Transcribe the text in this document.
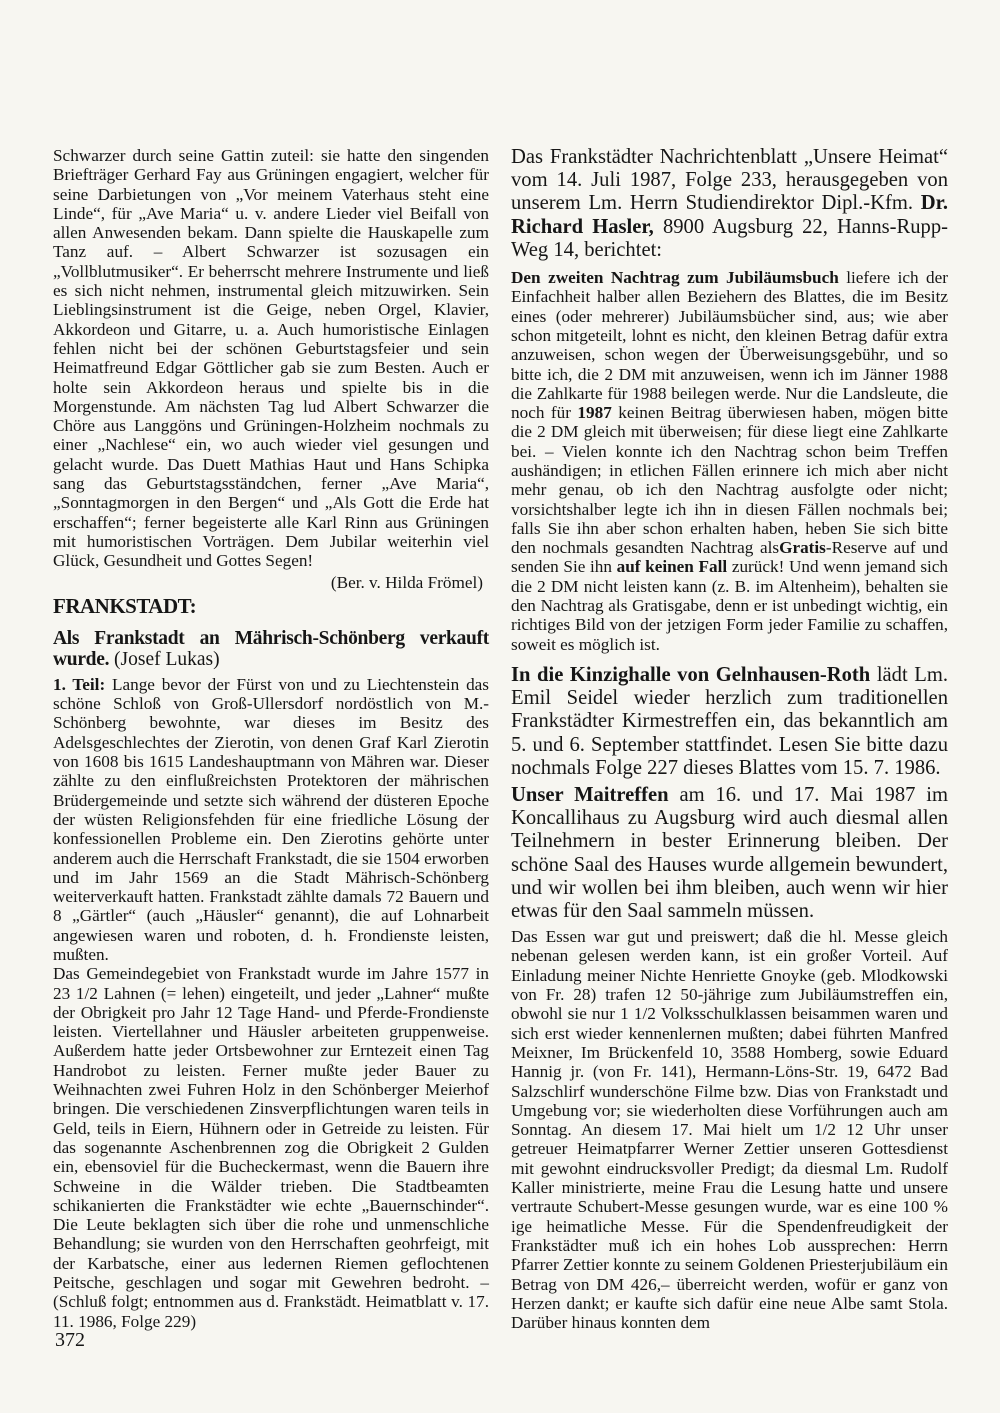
Schwarzer durch seine Gattin zuteil: sie hatte den singenden Briefträger Gerhard Fay aus Grüningen engagiert, welcher für seine Darbietungen von „Vor meinem Vaterhaus steht eine Linde“, für „Ave Maria“ u. v. andere Lieder viel Beifall von allen Anwesenden bekam. Dann spielte die Hauskapelle zum Tanz auf. – Albert Schwarzer ist sozusagen ein „Vollblutmusiker“. Er beherrscht mehrere Instrumente und ließ es sich nicht nehmen, instrumental gleich mitzuwirken. Sein Lieblingsinstrument ist die Geige, neben Orgel, Klavier, Akkordeon und Gitarre, u. a. Auch humoristische Einlagen fehlen nicht bei der schönen Geburtstagsfeier und sein Heimatfreund Edgar Göttlicher gab sie zum Besten. Auch er holte sein Akkordeon heraus und spielte bis in die Morgenstunde. Am nächsten Tag lud Albert Schwarzer die Chöre aus Langgöns und Grüningen-Holzheim nochmals zu einer „Nachlese“ ein, wo auch wieder viel gesungen und gelacht wurde. Das Duett Mathias Haut und Hans Schipka sang das Geburtstagsständchen, ferner „Ave Maria“, „Sonntagmorgen in den Bergen“ und „Als Gott die Erde hat erschaffen“; ferner begeisterte alle Karl Rinn aus Grüningen mit humoristischen Vorträgen. Dem Jubilar weiterhin viel Glück, Gesundheit und Gottes Segen!

(Ber. v. Hilda Frömel)

FRANKSTADT:

Als Frankstadt an Mährisch-Schönberg verkauft wurde. (Josef Lukas)

1. Teil: Lange bevor der Fürst von und zu Liechtenstein das schöne Schloß von Groß-Ullersdorf nordöstlich von M.-Schönberg bewohnte, war dieses im Besitz des Adelsgeschlechtes der Zierotin, von denen Graf Karl Zierotin von 1608 bis 1615 Landeshauptmann von Mähren war. Dieser zählte zu den einflußreichsten Protektoren der mährischen Brüdergemeinde und setzte sich während der düsteren Epoche der wüsten Religionsfehden für eine friedliche Lösung der konfessionellen Probleme ein. Den Zierotins gehörte unter anderem auch die Herrschaft Frankstadt, die sie 1504 erworben und im Jahr 1569 an die Stadt Mährisch-Schönberg weiterverkauft hatten. Frankstadt zählte damals 72 Bauern und 8 „Gärtler“ (auch „Häusler“ genannt), die auf Lohnarbeit angewiesen waren und roboten, d. h. Frondienste leisten, mußten.

Das Gemeindegebiet von Frankstadt wurde im Jahre 1577 in 23 1/2 Lahnen (= lehen) eingeteilt, und jeder „Lahner“ mußte der Obrigkeit pro Jahr 12 Tage Hand- und Pferde-Frondienste leisten. Viertellahner und Häusler arbeiteten gruppenweise. Außerdem hatte jeder Ortsbewohner zur Erntezeit einen Tag Handrobot zu leisten. Ferner mußte jeder Bauer zu Weihnachten zwei Fuhren Holz in den Schönberger Meierhof bringen. Die verschiedenen Zinsverpflichtungen waren teils in Geld, teils in Eiern, Hühnern oder in Getreide zu leisten. Für das sogenannte Aschenbrennen zog die Obrigkeit 2 Gulden ein, ebensoviel für die Bucheckermast, wenn die Bauern ihre Schweine in die Wälder trieben. Die Stadtbeamten schikanierten die Frankstädter wie echte „Bauernschinder“. Die Leute beklagten sich über die rohe und unmenschliche Behandlung; sie wurden von den Herrschaften geohrfeigt, mit der Karbatsche, einer aus ledernen Riemen geflochtenen Peitsche, geschlagen und sogar mit Gewehren bedroht. – (Schluß folgt; entnommen aus d. Frankstädt. Heimatblatt v. 17. 11. 1986, Folge 229)

Das Frankstädter Nachrichtenblatt „Unsere Heimat“ vom 14. Juli 1987, Folge 233, herausgegeben von unserem Lm. Herrn Studiendirektor Dipl.-Kfm. Dr. Richard Hasler, 8900 Augsburg 22, Hanns-Rupp-Weg 14, berichtet:

Den zweiten Nachtrag zum Jubiläumsbuch liefere ich der Einfachheit halber allen Beziehern des Blattes, die im Besitz eines (oder mehrerer) Jubiläumsbücher sind, aus; wie aber schon mitgeteilt, lohnt es nicht, den kleinen Betrag dafür extra anzuweisen, schon wegen der Überweisungsgebühr, und so bitte ich, die 2 DM mit anzuweisen, wenn ich im Jänner 1988 die Zahlkarte für 1988 beilegen werde. Nur die Landsleute, die noch für 1987 keinen Beitrag überwiesen haben, mögen bitte die 2 DM gleich mit überweisen; für diese liegt eine Zahlkarte bei. – Vielen konnte ich den Nachtrag schon beim Treffen aushändigen; in etlichen Fällen erinnere ich mich aber nicht mehr genau, ob ich den Nachtrag ausfolgte oder nicht; vorsichtshalber legte ich ihn in diesen Fällen nochmals bei; falls Sie ihn aber schon erhalten haben, heben Sie sich bitte den nochmals gesandten Nachtrag alsGratis-Reserve auf und senden Sie ihn auf keinen Fall zurück! Und wenn jemand sich die 2 DM nicht leisten kann (z. B. im Altenheim), behalten sie den Nachtrag als Gratisgabe, denn er ist unbedingt wichtig, ein richtiges Bild von der jetzigen Form jeder Familie zu schaffen, soweit es möglich ist.

In die Kinzighalle von Gelnhausen-Roth lädt Lm. Emil Seidel wieder herzlich zum traditionellen Frankstädter Kirmestreffen ein, das bekanntlich am 5. und 6. September stattfindet. Lesen Sie bitte dazu nochmals Folge 227 dieses Blattes vom 15. 7. 1986.

Unser Maitreffen am 16. und 17. Mai 1987 im Koncallihaus zu Augsburg wird auch diesmal allen Teilnehmern in bester Erinnerung bleiben. Der schöne Saal des Hauses wurde allgemein bewundert, und wir wollen bei ihm bleiben, auch wenn wir hier etwas für den Saal sammeln müssen.

Das Essen war gut und preiswert; daß die hl. Messe gleich nebenan gelesen werden kann, ist ein großer Vorteil. Auf Einladung meiner Nichte Henriette Gnoyke (geb. Mlodkowski von Fr. 28) trafen 12 50-jährige zum Jubiläumstreffen ein, obwohl sie nur 1 1/2 Volksschulklassen beisammen waren und sich erst wieder kennenlernen mußten; dabei führten Manfred Meixner, Im Brückenfeld 10, 3588 Homberg, sowie Eduard Hannig jr. (von Fr. 141), Hermann-Löns-Str. 19, 6472 Bad Salzschlirf wunderschöne Filme bzw. Dias von Frankstadt und Umgebung vor; sie wiederholten diese Vorführungen auch am Sonntag. An diesem 17. Mai hielt um 1/2 12 Uhr unser getreuer Heimatpfarrer Werner Zettier unseren Gottesdienst mit gewohnt eindrucksvoller Predigt; da diesmal Lm. Rudolf Kaller ministrierte, meine Frau die Lesung hatte und unsere vertraute Schubert-Messe gesungen wurde, war es eine 100 % ige heimatliche Messe. Für die Spendenfreudigkeit der Frankstädter muß ich ein hohes Lob aussprechen: Herrn Pfarrer Zettier konnte zu seinem Goldenen Priesterjubiläum ein Betrag von DM 426,– überreicht werden, wofür er ganz von Herzen dankt; er kaufte sich dafür eine neue Albe samt Stola. Darüber hinaus konnten dem

372
